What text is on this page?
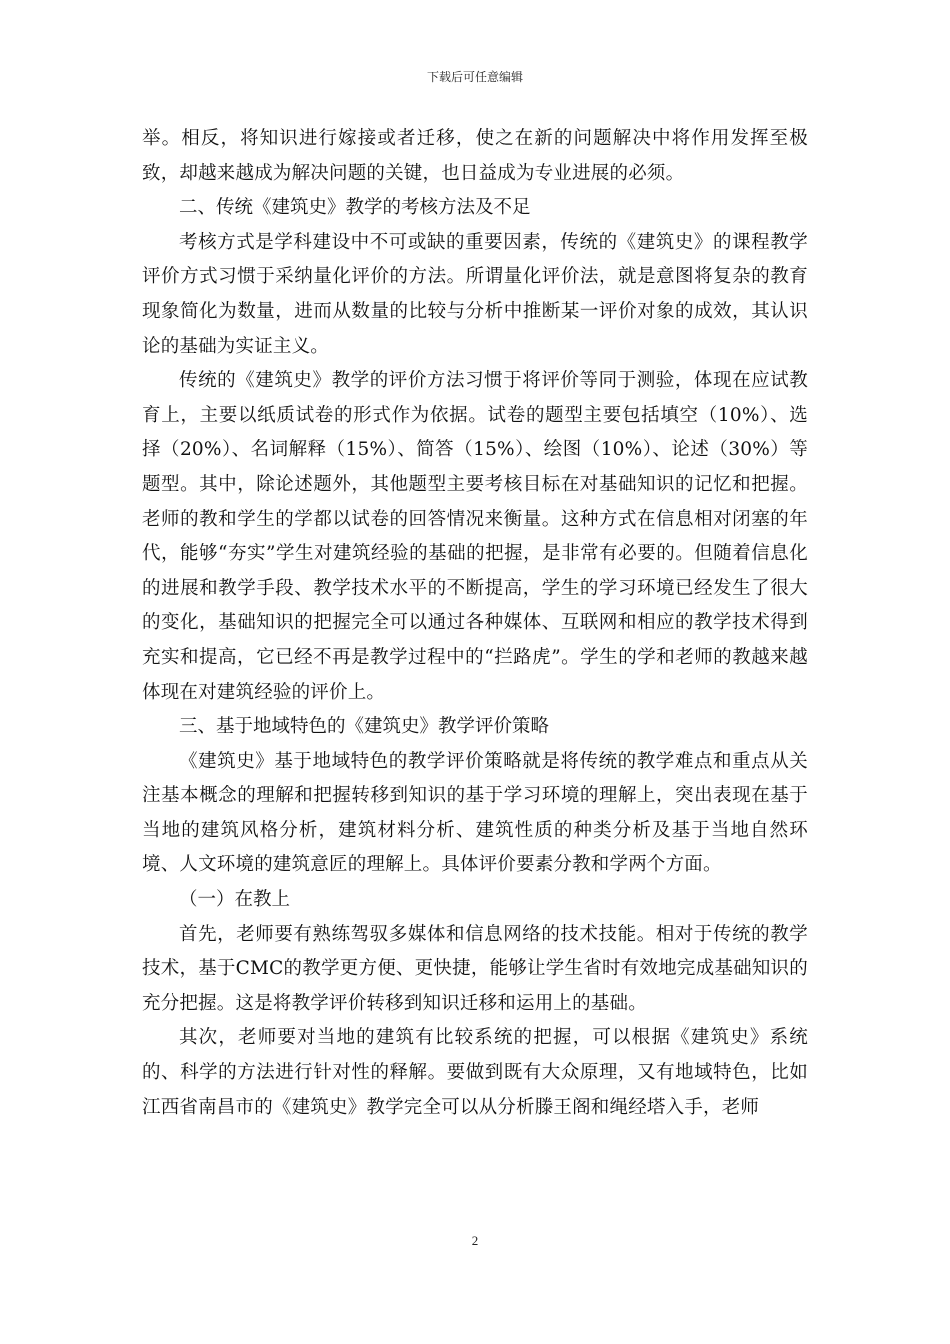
下载后可任意编辑

举。相反，将知识进行嫁接或者迁移，使之在新的问题解决中将作用发挥至极致，却越来越成为解决问题的关键，也日益成为专业进展的必须。

二、传统《建筑史》教学的考核方法及不足

考核方式是学科建设中不可或缺的重要因素，传统的《建筑史》的课程教学评价方式习惯于采纳量化评价的方法。所谓量化评价法，就是意图将复杂的教育现象简化为数量，进而从数量的比较与分析中推断某一评价对象的成效，其认识论的基础为实证主义。

传统的《建筑史》教学的评价方法习惯于将评价等同于测验，体现在应试教育上，主要以纸质试卷的形式作为依据。试卷的题型主要包括填空（10%）、选择（20%）、名词解释（15%）、简答（15%）、绘图（10%）、论述（30%）等题型。其中，除论述题外，其他题型主要考核目标在对基础知识的记忆和把握。老师的教和学生的学都以试卷的回答情况来衡量。这种方式在信息相对闭塞的年代，能够“夯实”学生对建筑经验的基础的把握，是非常有必要的。但随着信息化的进展和教学手段、教学技术水平的不断提高，学生的学习环境已经发生了很大的变化，基础知识的把握完全可以通过各种媒体、互联网和相应的教学技术得到充实和提高，它已经不再是教学过程中的“拦路虎”。学生的学和老师的教越来越体现在对建筑经验的评价上。

三、基于地域特色的《建筑史》教学评价策略

《建筑史》基于地域特色的教学评价策略就是将传统的教学难点和重点从关注基本概念的理解和把握转移到知识的基于学习环境的理解上，突出表现在基于当地的建筑风格分析，建筑材料分析、建筑性质的种类分析及基于当地自然环境、人文环境的建筑意匠的理解上。具体评价要素分教和学两个方面。

（一）在教上

首先，老师要有熟练驾驭多媒体和信息网络的技术技能。相对于传统的教学技术，基于CMC的教学更方便、更快捷，能够让学生省时有效地完成基础知识的充分把握。这是将教学评价转移到知识迁移和运用上的基础。

其次，老师要对当地的建筑有比较系统的把握，可以根据《建筑史》系统的、科学的方法进行针对性的释解。要做到既有大众原理，又有地域特色，比如江西省南昌市的《建筑史》教学完全可以从分析滕王阁和绳经塔入手，老师

2
